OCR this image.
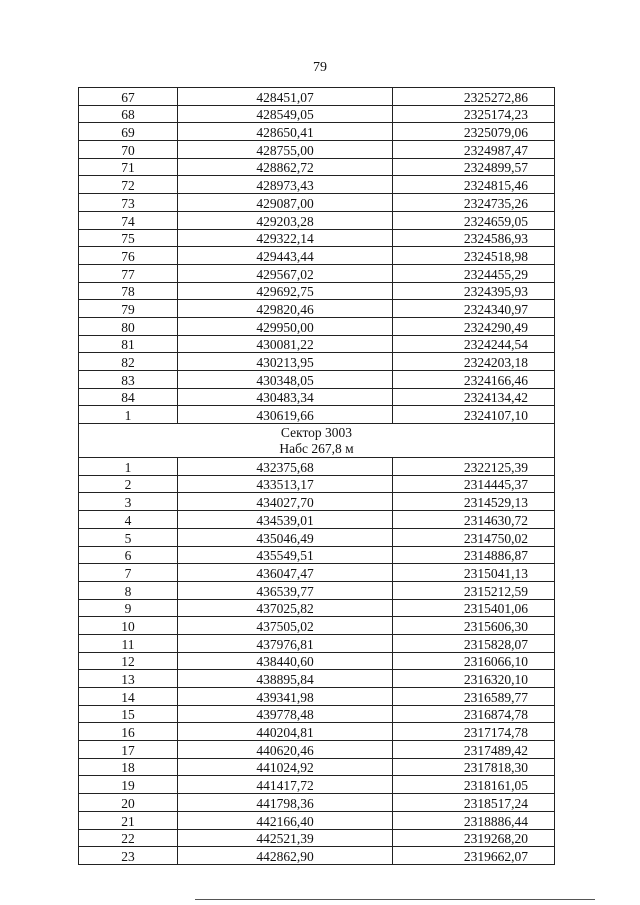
79
67	428451,07	2325272,86
68	428549,05	2325174,23
69	428650,41	2325079,06
70	428755,00	2324987,47
71	428862,72	2324899,57
72	428973,43	2324815,46
73	429087,00	2324735,26
74	429203,28	2324659,05
75	429322,14	2324586,93
76	429443,44	2324518,98
77	429567,02	2324455,29
78	429692,75	2324395,93
79	429820,46	2324340,97
80	429950,00	2324290,49
81	430081,22	2324244,54
82	430213,95	2324203,18
83	430348,05	2324166,46
84	430483,34	2324134,42
1	430619,66	2324107,10

Сектор 3003
Набс 267,8 м		

1	432375,68	2322125,39
2	433513,17	2314445,37
3	434027,70	2314529,13
4	434539,01	2314630,72
5	435046,49	2314750,02
6	435549,51	2314886,87
7	436047,47	2315041,13
8	436539,77	2315212,59
9	437025,82	2315401,06
10	437505,02	2315606,30
11	437976,81	2315828,07
12	438440,60	2316066,10
13	438895,84	2316320,10
14	439341,98	2316589,77
15	439778,48	2316874,78
16	440204,81	2317174,78
17	440620,46	2317489,42
18	441024,92	2317818,30
19	441417,72	2318161,05
20	441798,36	2318517,24
21	442166,40	2318886,44
22	442521,39	2319268,20
23	442862,90	2319662,07
